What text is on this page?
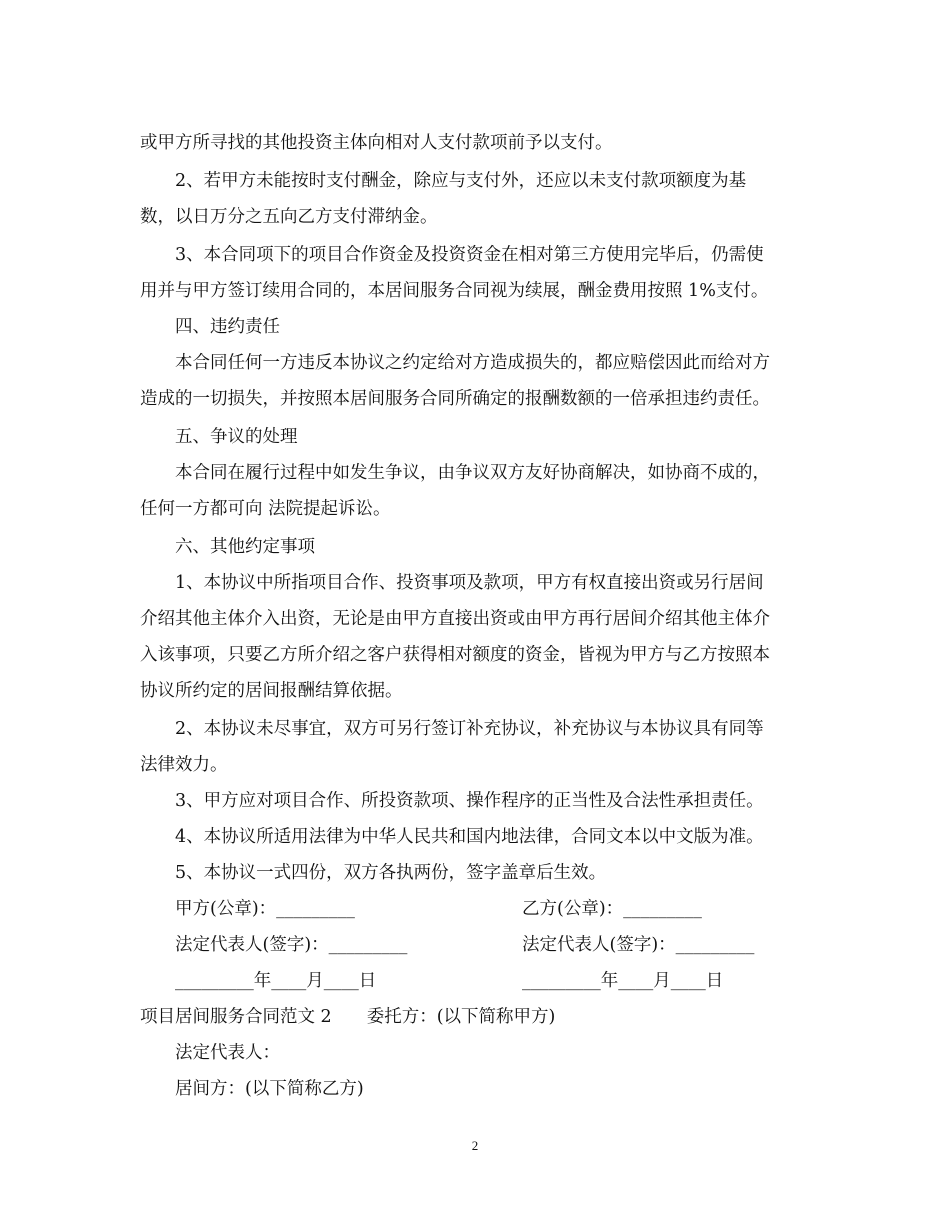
或甲方所寻找的其他投资主体向相对人支付款项前予以支付。
2、若甲方未能按时支付酬金，除应与支付外，还应以未支付款项额度为基
数，以日万分之五向乙方支付滞纳金。
3、本合同项下的项目合作资金及投资资金在相对第三方使用完毕后，仍需使
用并与甲方签订续用合同的，本居间服务合同视为续展，酬金费用按照 1%支付。
四、违约责任
本合同任何一方违反本协议之约定给对方造成损失的，都应赔偿因此而给对方
造成的一切损失，并按照本居间服务合同所确定的报酬数额的一倍承担违约责任。
五、争议的处理
本合同在履行过程中如发生争议，由争议双方友好协商解决，如协商不成的，
任何一方都可向 法院提起诉讼。
六、其他约定事项
1、本协议中所指项目合作、投资事项及款项，甲方有权直接出资或另行居间
介绍其他主体介入出资，无论是由甲方直接出资或由甲方再行居间介绍其他主体介
入该事项，只要乙方所介绍之客户获得相对额度的资金，皆视为甲方与乙方按照本
协议所约定的居间报酬结算依据。
2、本协议未尽事宜，双方可另行签订补充协议，补充协议与本协议具有同等
法律效力。
3、甲方应对项目合作、所投资款项、操作程序的正当性及合法性承担责任。
4、本协议所适用法律为中华人民共和国内地法律，合同文本以中文版为准。
5、本协议一式四份，双方各执两份，签字盖章后生效。
甲方(公章)：_________	乙方(公章)：_________
法定代表人(签字)：_________	法定代表人(签字)：_________
_________年____月____日	_________年____月____日
项目居间服务合同范文 2　　委托方：(以下简称甲方)
法定代表人：
居间方：(以下简称乙方)
2
